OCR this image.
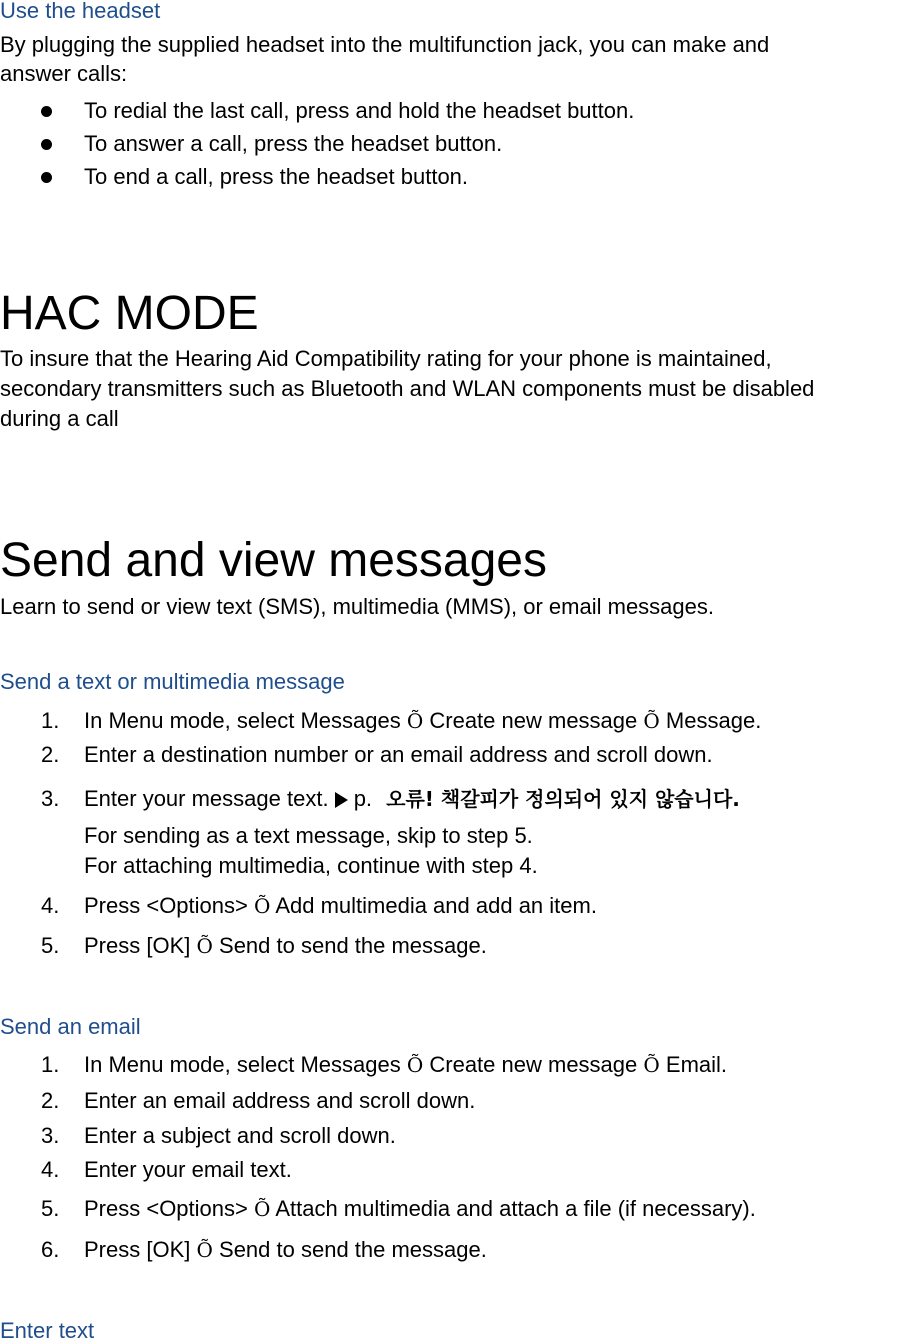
Use the headset

By plugging the supplied headset into the multifunction jack, you can make and

answer calls:

To redial the last call, press and hold the headset button.
To answer a call, press the headset button.
To end a call, press the headset button.
HAC MODE

To insure that the Hearing Aid Compatibility rating for your phone is maintained,

secondary transmitters such as Bluetooth and WLAN components must be disabled

during a call

Send and view messages

Learn to send or view text (SMS), multimedia (MMS), or email messages.

Send a text or multimedia message

1. In Menu mode, select Messages Õ Create new message Õ Message.
2. Enter a destination number or an email address and scroll down.
3. Enter your message text. p. 오류! 책갈피가 정의되어 있지 않습니다.

For sending as a text message, skip to step 5.

For attaching multimedia, continue with step 4.

4. Press <Options> Õ Add multimedia and add an item.
5. Press [OK] Õ Send to send the message.

Send an email

1. In Menu mode, select Messages Õ Create new message Õ Email.
2. Enter an email address and scroll down.
3. Enter a subject and scroll down.
4. Enter your email text.
5. Press <Options> Õ Attach multimedia and attach a file (if necessary).
6. Press [OK] Õ Send to send the message.

Enter text
